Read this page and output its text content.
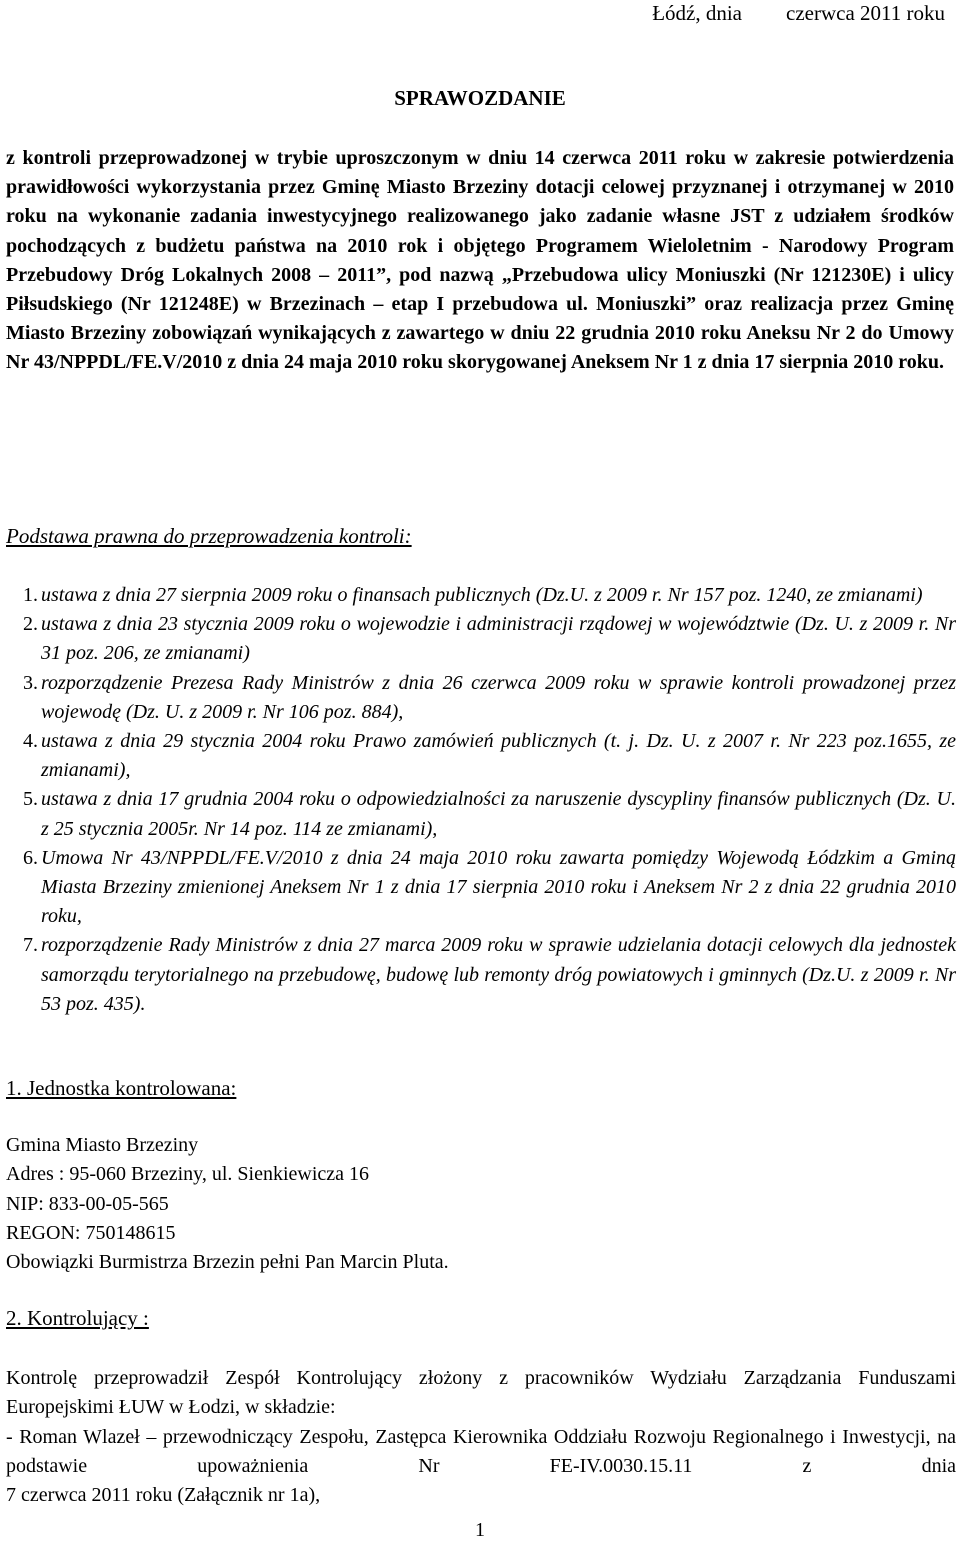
Łódź, dnia czerwca 2011 roku
SPRAWOZDANIE
z kontroli przeprowadzonej w trybie uproszczonym w dniu 14 czerwca 2011 roku w zakresie potwierdzenia prawidłowości wykorzystania przez Gminę Miasto Brzeziny dotacji celowej przyznanej i otrzymanej w 2010 roku na wykonanie zadania inwestycyjnego realizowanego jako zadanie własne JST z udziałem środków pochodzących z budżetu państwa na 2010 rok i objętego Programem Wieloletnim - Narodowy Program Przebudowy Dróg Lokalnych 2008 – 2011”, pod nazwą „Przebudowa ulicy Moniuszki (Nr 121230E) i ulicy Piłsudskiego (Nr 121248E) w Brzezinach – etap I przebudowa ul. Moniuszki” oraz realizacja przez Gminę Miasto Brzeziny zobowiązań wynikających z zawartego w dniu 22 grudnia 2010 roku Aneksu Nr 2 do Umowy Nr 43/NPPDL/FE.V/2010 z dnia 24 maja 2010 roku skorygowanej Aneksem Nr 1 z dnia 17 sierpnia 2010 roku.
Podstawa prawna do przeprowadzenia kontroli:
1. ustawa z dnia 27 sierpnia 2009 roku o finansach publicznych (Dz.U. z 2009 r. Nr 157 poz. 1240, ze zmianami)
2. ustawa z dnia 23 stycznia 2009 roku o wojewodzie i administracji rządowej w województwie (Dz. U. z 2009 r. Nr 31 poz. 206, ze zmianami)
3. rozporządzenie Prezesa Rady Ministrów z dnia 26 czerwca 2009 roku w sprawie kontroli prowadzonej przez wojewodę (Dz. U. z 2009 r. Nr 106 poz. 884),
4. ustawa z dnia 29 stycznia 2004 roku Prawo zamówień publicznych (t. j. Dz. U. z 2007 r. Nr 223 poz.1655, ze zmianami),
5. ustawa z dnia 17 grudnia 2004 roku o odpowiedzialności za naruszenie dyscypliny finansów publicznych (Dz. U. z 25 stycznia 2005r. Nr 14 poz. 114 ze zmianami),
6. Umowa Nr 43/NPPDL/FE.V/2010 z dnia 24 maja 2010 roku zawarta pomiędzy Wojewodą Łódzkim a Gminą Miasta Brzeziny zmienionej Aneksem Nr 1 z dnia 17 sierpnia 2010 roku i Aneksem Nr 2 z dnia 22 grudnia 2010 roku,
7. rozporządzenie Rady Ministrów z dnia 27 marca 2009 roku w sprawie udzielania dotacji celowych dla jednostek samorządu terytorialnego na przebudowę, budowę lub remonty dróg powiatowych i gminnych (Dz.U. z 2009 r. Nr 53 poz. 435).
1. Jednostka kontrolowana:
Gmina Miasto Brzeziny
Adres : 95-060 Brzeziny, ul. Sienkiewicza 16
NIP: 833-00-05-565
REGON: 750148615
Obowiązki Burmistrza Brzezin pełni Pan Marcin Pluta.
2. Kontrolujący :
Kontrolę przeprowadził Zespół Kontrolujący złożony z pracowników Wydziału Zarządzania Funduszami Europejskimi ŁUW w Łodzi, w składzie:
- Roman Wlazeł – przewodniczący Zespołu, Zastępca Kierownika Oddziału Rozwoju Regionalnego i Inwestycji, na podstawie upoważnienia Nr FE-IV.0030.15.11 z dnia
7 czerwca 2011 roku (Załącznik nr 1a),
1
